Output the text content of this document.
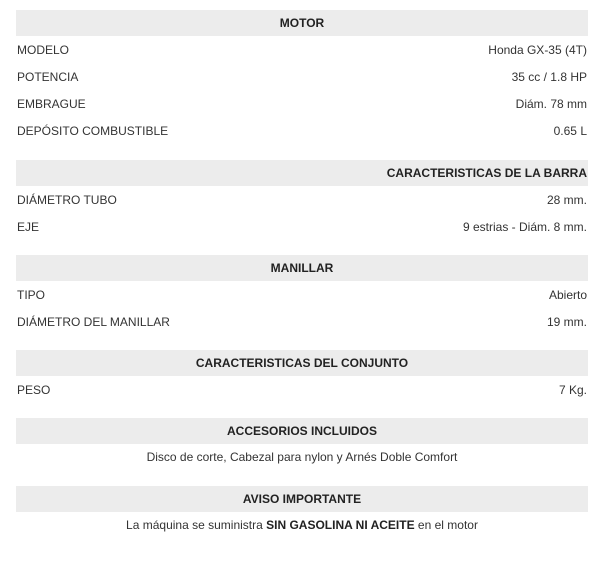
MOTOR
MODELO	Honda GX-35 (4T)
POTENCIA	35 cc / 1.8 HP
EMBRAGUE	Diám. 78 mm
DEPÓSITO COMBUSTIBLE	0.65 L
CARACTERISTICAS DE LA BARRA
DIÁMETRO TUBO	28 mm.
EJE	9 estrias - Diám. 8 mm.
MANILLAR
TIPO	Abierto
DIÁMETRO DEL MANILLAR	19 mm.
CARACTERISTICAS DEL CONJUNTO
PESO	7 Kg.
ACCESORIOS INCLUIDOS
Disco de corte, Cabezal para nylon y Arnés Doble Comfort
AVISO IMPORTANTE
La máquina se suministra SIN GASOLINA NI ACEITE en el motor
